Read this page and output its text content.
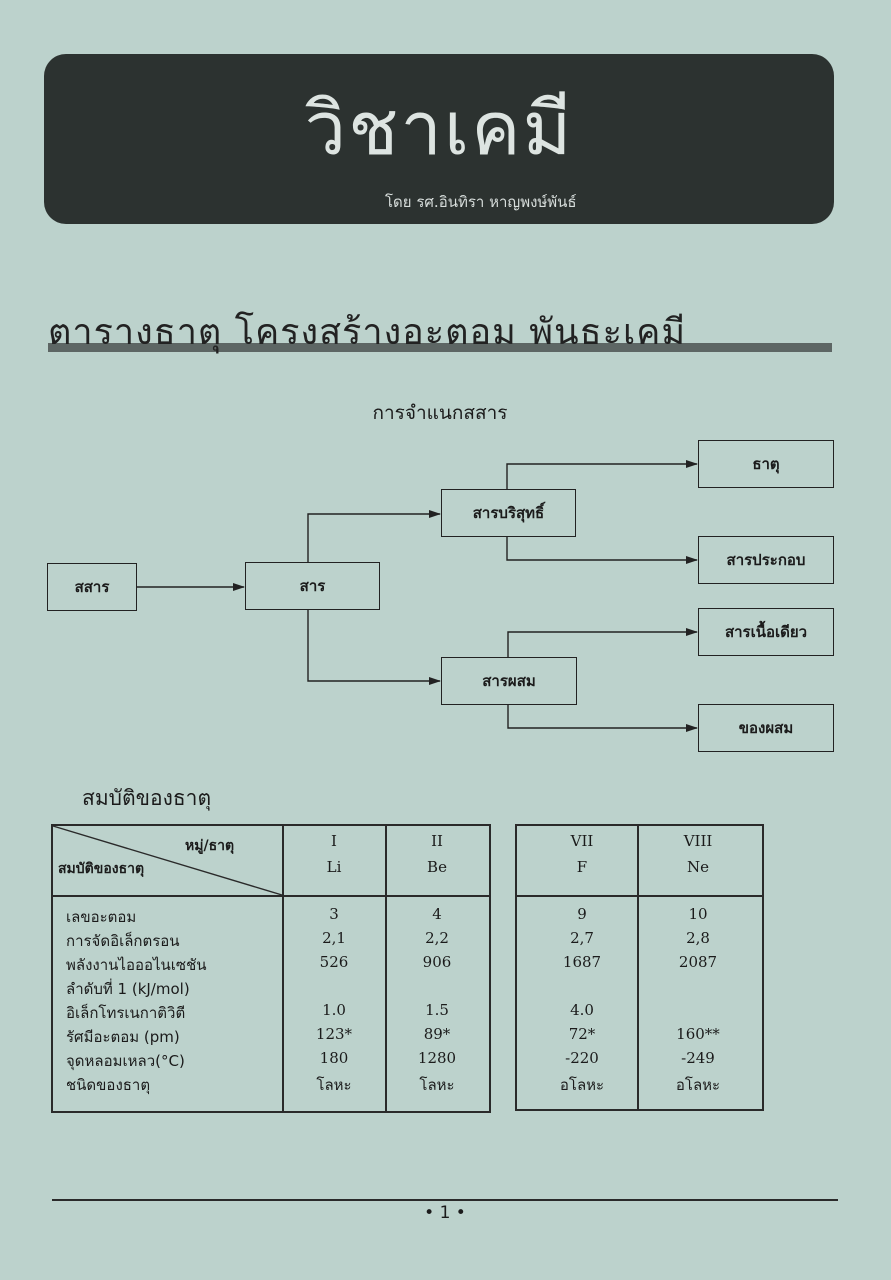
วิชาเคมี
โดย รศ.อินทิรา หาญพงษ์พันธ์
ตารางธาตุ โครงสร้างอะตอม พันธะเคมี
การจำแนกสสาร
สสาร	สาร
สารบริสุทธิ์
สารผสม
ธาตุ
สารประกอบ
สารเนื้อเดียว
ของผสม
สมบัติของธาตุ
หมู่/ธาตุ
สมบัติของธาตุ
I
Li
II
Be
เลขอะตอม
การจัดอิเล็กตรอน
พลังงานไอออไนเซชัน
ลำดับที่ 1 (kJ/mol)
อิเล็กโทรเนกาติวิตี
รัศมีอะตอม (pm)
จุดหลอมเหลว(°C)
ชนิดของธาตุ
3
2,1
526
1.0
123*
180
โลหะ
4
2,2
906
1.5
89*
1280
โลหะ
VII
F
VIII
Ne
9
2,7
1687
4.0
72*
-220
อโลหะ
10
2,8
2087
160**
-249
อโลหะ
• 1 •
